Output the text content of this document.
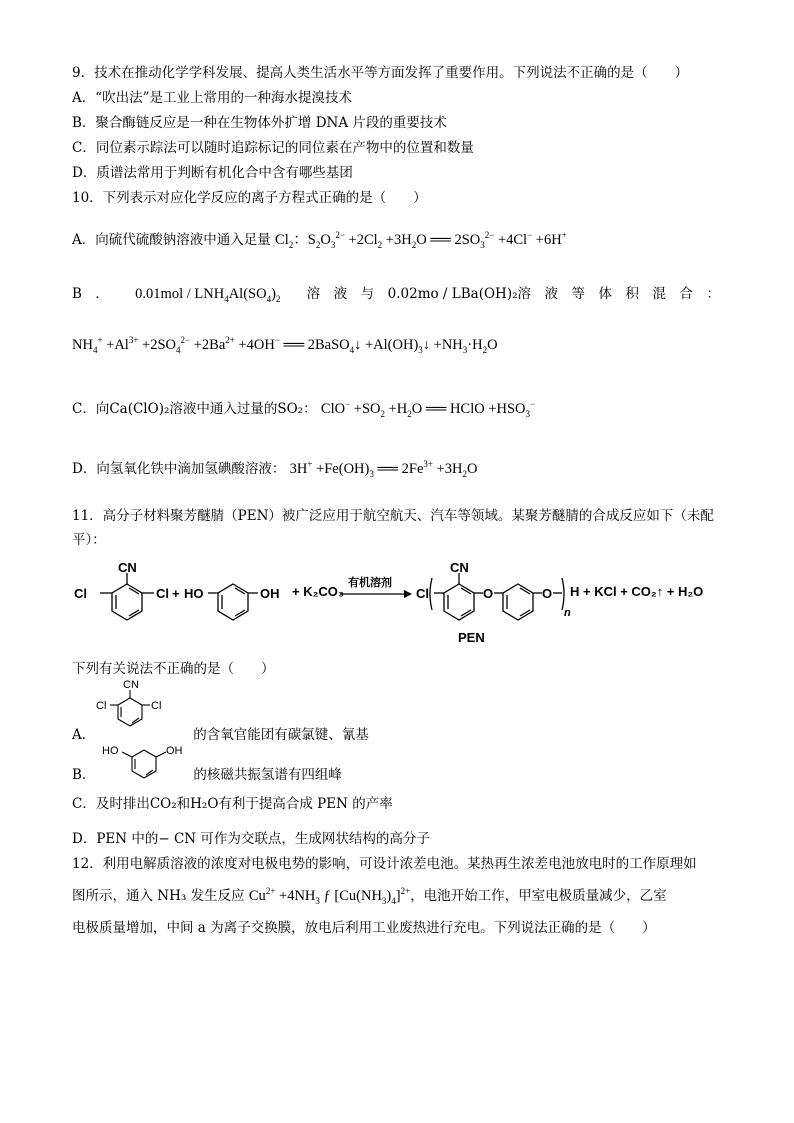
9．技术在推动化学学科发展、提高人类生活水平等方面发挥了重要作用。下列说法不正确的是（　　）
A．“吹出法”是工业上常用的一种海水提溴技术
B．聚合酶链反应是一种在生物体外扩增 DNA 片段的重要技术
C．同位素示踪法可以随时追踪标记的同位素在产物中的位置和数量
D．质谱法常用于判断有机化合中含有哪些基团
10．下列表示对应化学反应的离子方程式正确的是（　　）
A．向硫代硫酸钠溶液中通入足量 $Cl_2$：$S_2O_3^{2-} +2Cl_2 +3H_2O$ ══ $2SO_3^{2-} +4Cl^- +6H^+$
B　． $0.01mol / LNH_4Al(SO_4)_2$ 溶　液　与　0.02mo / LBa(OH)₂溶　液　等　体　积　混　合　：
$NH_4^+ +Al^{3+} +2SO_4^{2-} +2Ba^{2+} +4OH^-$ ══ 2BaSO$_4$↓ $+Al(OH)_3↓ +NH_3\cdot H_2O$
C．向Ca(ClO)₂溶液中通入过量的SO₂： $ClO^- +SO_2 +H_2O$ ══ HClO $+HSO_3^-$
D．向氢氧化铁中滴加氢碘酸溶液： $3H^+ +Fe(OH)_3$ ══ $2Fe^{3+} +3H_2O$
11．高分子材料聚芳醚腈（PEN）被广泛应用于航空航天、汽车等领域。某聚芳醚腈的合成反应如下（未配
平）：
CN
Cl	Cl + HO	OH	Cl
CN
O	O
n
PEN
+ K₂CO₃
有机溶剂
H + KCl + CO₂↑ + H₂O
下列有关说法不正确的是（　　）
CN
Cl	Cl
A．	的含氧官能团有碳氯键、氰基
HO	OH
B．	的核磁共振氢谱有四组峰
C．及时排出CO₂和H₂O有利于提高合成 PEN 的产率
D．PEN 中的− CN 可作为交联点，生成网状结构的高分子
12．利用电解质溶液的浓度对电极电势的影响，可设计浓差电池。某热再生浓差电池放电时的工作原理如
图所示，通入 NH₃ 发生反应 $Cu^{2+} +4NH_3$ ƒ $[Cu(NH_3)_4]^{2+}$，电池开始工作，甲室电极质量减少，乙室
电极质量增加，中间 a 为离子交换膜，放电后利用工业废热进行充电。下列说法正确的是（　　）
